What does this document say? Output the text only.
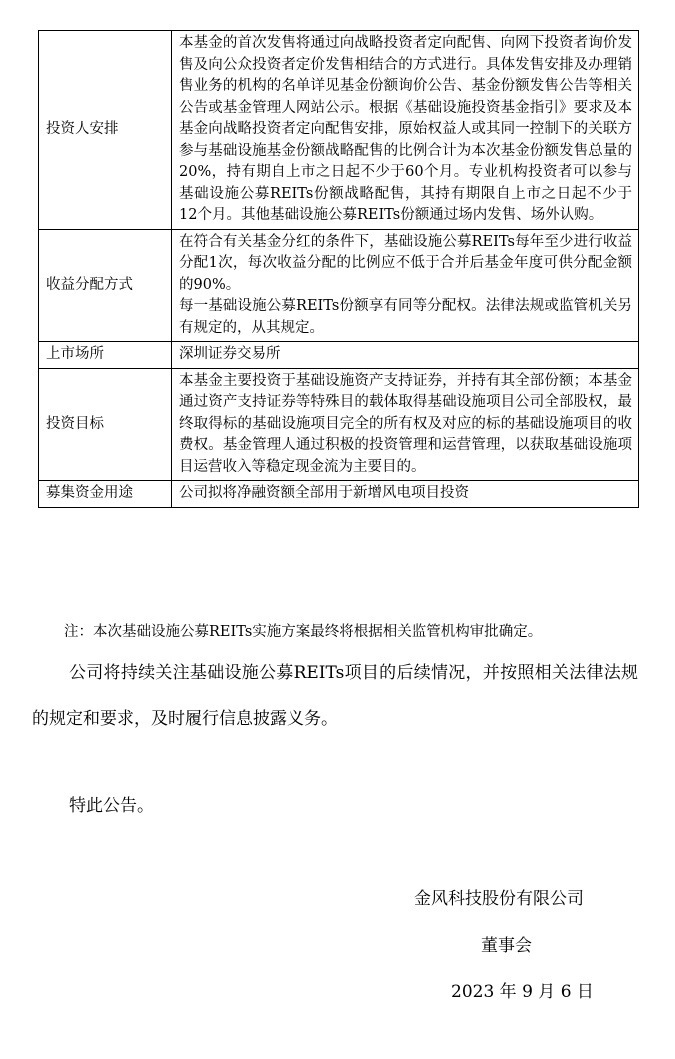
投资人安排	本基金的首次发售将通过向战略投资者定向配售、向网下投资者询价发售及向公众投资者定价发售相结合的方式进行。具体发售安排及办理销售业务的机构的名单详见基金份额询价公告、基金份额发售公告等相关公告或基金管理人网站公示。根据《基础设施投资基金指引》要求及本基金向战略投资者定向配售安排，原始权益人或其同一控制下的关联方参与基础设施基金份额战略配售的比例合计为本次基金份额发售总量的20%，持有期自上市之日起不少于60个月。专业机构投资者可以参与基础设施公募REITs份额战略配售，其持有期限自上市之日起不少于12个月。其他基础设施公募REITs份额通过场内发售、场外认购。

收益分配方式	在符合有关基金分红的条件下，基础设施公募REITs每年至少进行收益分配1次，每次收益分配的比例应不低于合并后基金年度可供分配金额的90%。
每一基础设施公募REITs份额享有同等分配权。法律法规或监管机关另有规定的，从其规定。

上市场所	深圳证券交易所

投资目标	本基金主要投资于基础设施资产支持证券，并持有其全部份额；本基金通过资产支持证券等特殊目的载体取得基础设施项目公司全部股权，最终取得标的基础设施项目完全的所有权及对应的标的基础设施项目的收费权。基金管理人通过积极的投资管理和运营管理，以获取基础设施项目运营收入等稳定现金流为主要目的。

募集资金用途	公司拟将净融资额全部用于新增风电项目投资
注：本次基础设施公募REITs实施方案最终将根据相关监管机构审批确定。
公司将持续关注基础设施公募REITs项目的后续情况，并按照相关法律法规的规定和要求，及时履行信息披露义务。
特此公告。
金风科技股份有限公司
董事会
2023 年 9 月 6 日
